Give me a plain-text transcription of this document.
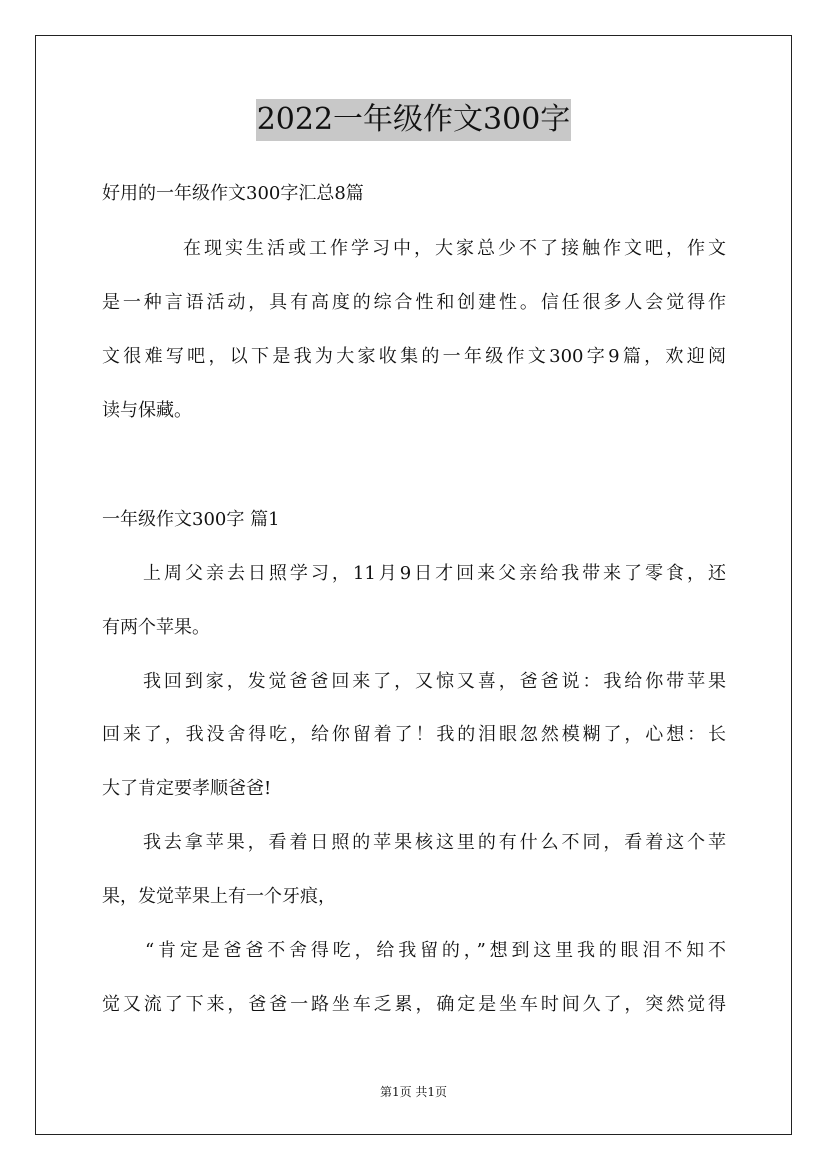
2022一年级作文300字
好用的一年级作文300字汇总8篇
在现实生活或工作学习中，大家总少不了接触作文吧，作文
是一种言语活动，具有高度的综合性和创建性。信任很多人会觉得作
文很难写吧，以下是我为大家收集的一年级作文300字9篇，欢迎阅
读与保藏。
一年级作文300字 篇1
上周父亲去日照学习，11月9日才回来父亲给我带来了零食，还
有两个苹果。
我回到家，发觉爸爸回来了，又惊又喜，爸爸说：我给你带苹果
回来了，我没舍得吃，给你留着了！我的泪眼忽然模糊了，心想：长
大了肯定要孝顺爸爸!
我去拿苹果，看着日照的苹果核这里的有什么不同，看着这个苹
果，发觉苹果上有一个牙痕，
“肯定是爸爸不舍得吃，给我留的，”想到这里我的眼泪不知不
觉又流了下来，爸爸一路坐车乏累，确定是坐车时间久了，突然觉得
第1页 共1页
